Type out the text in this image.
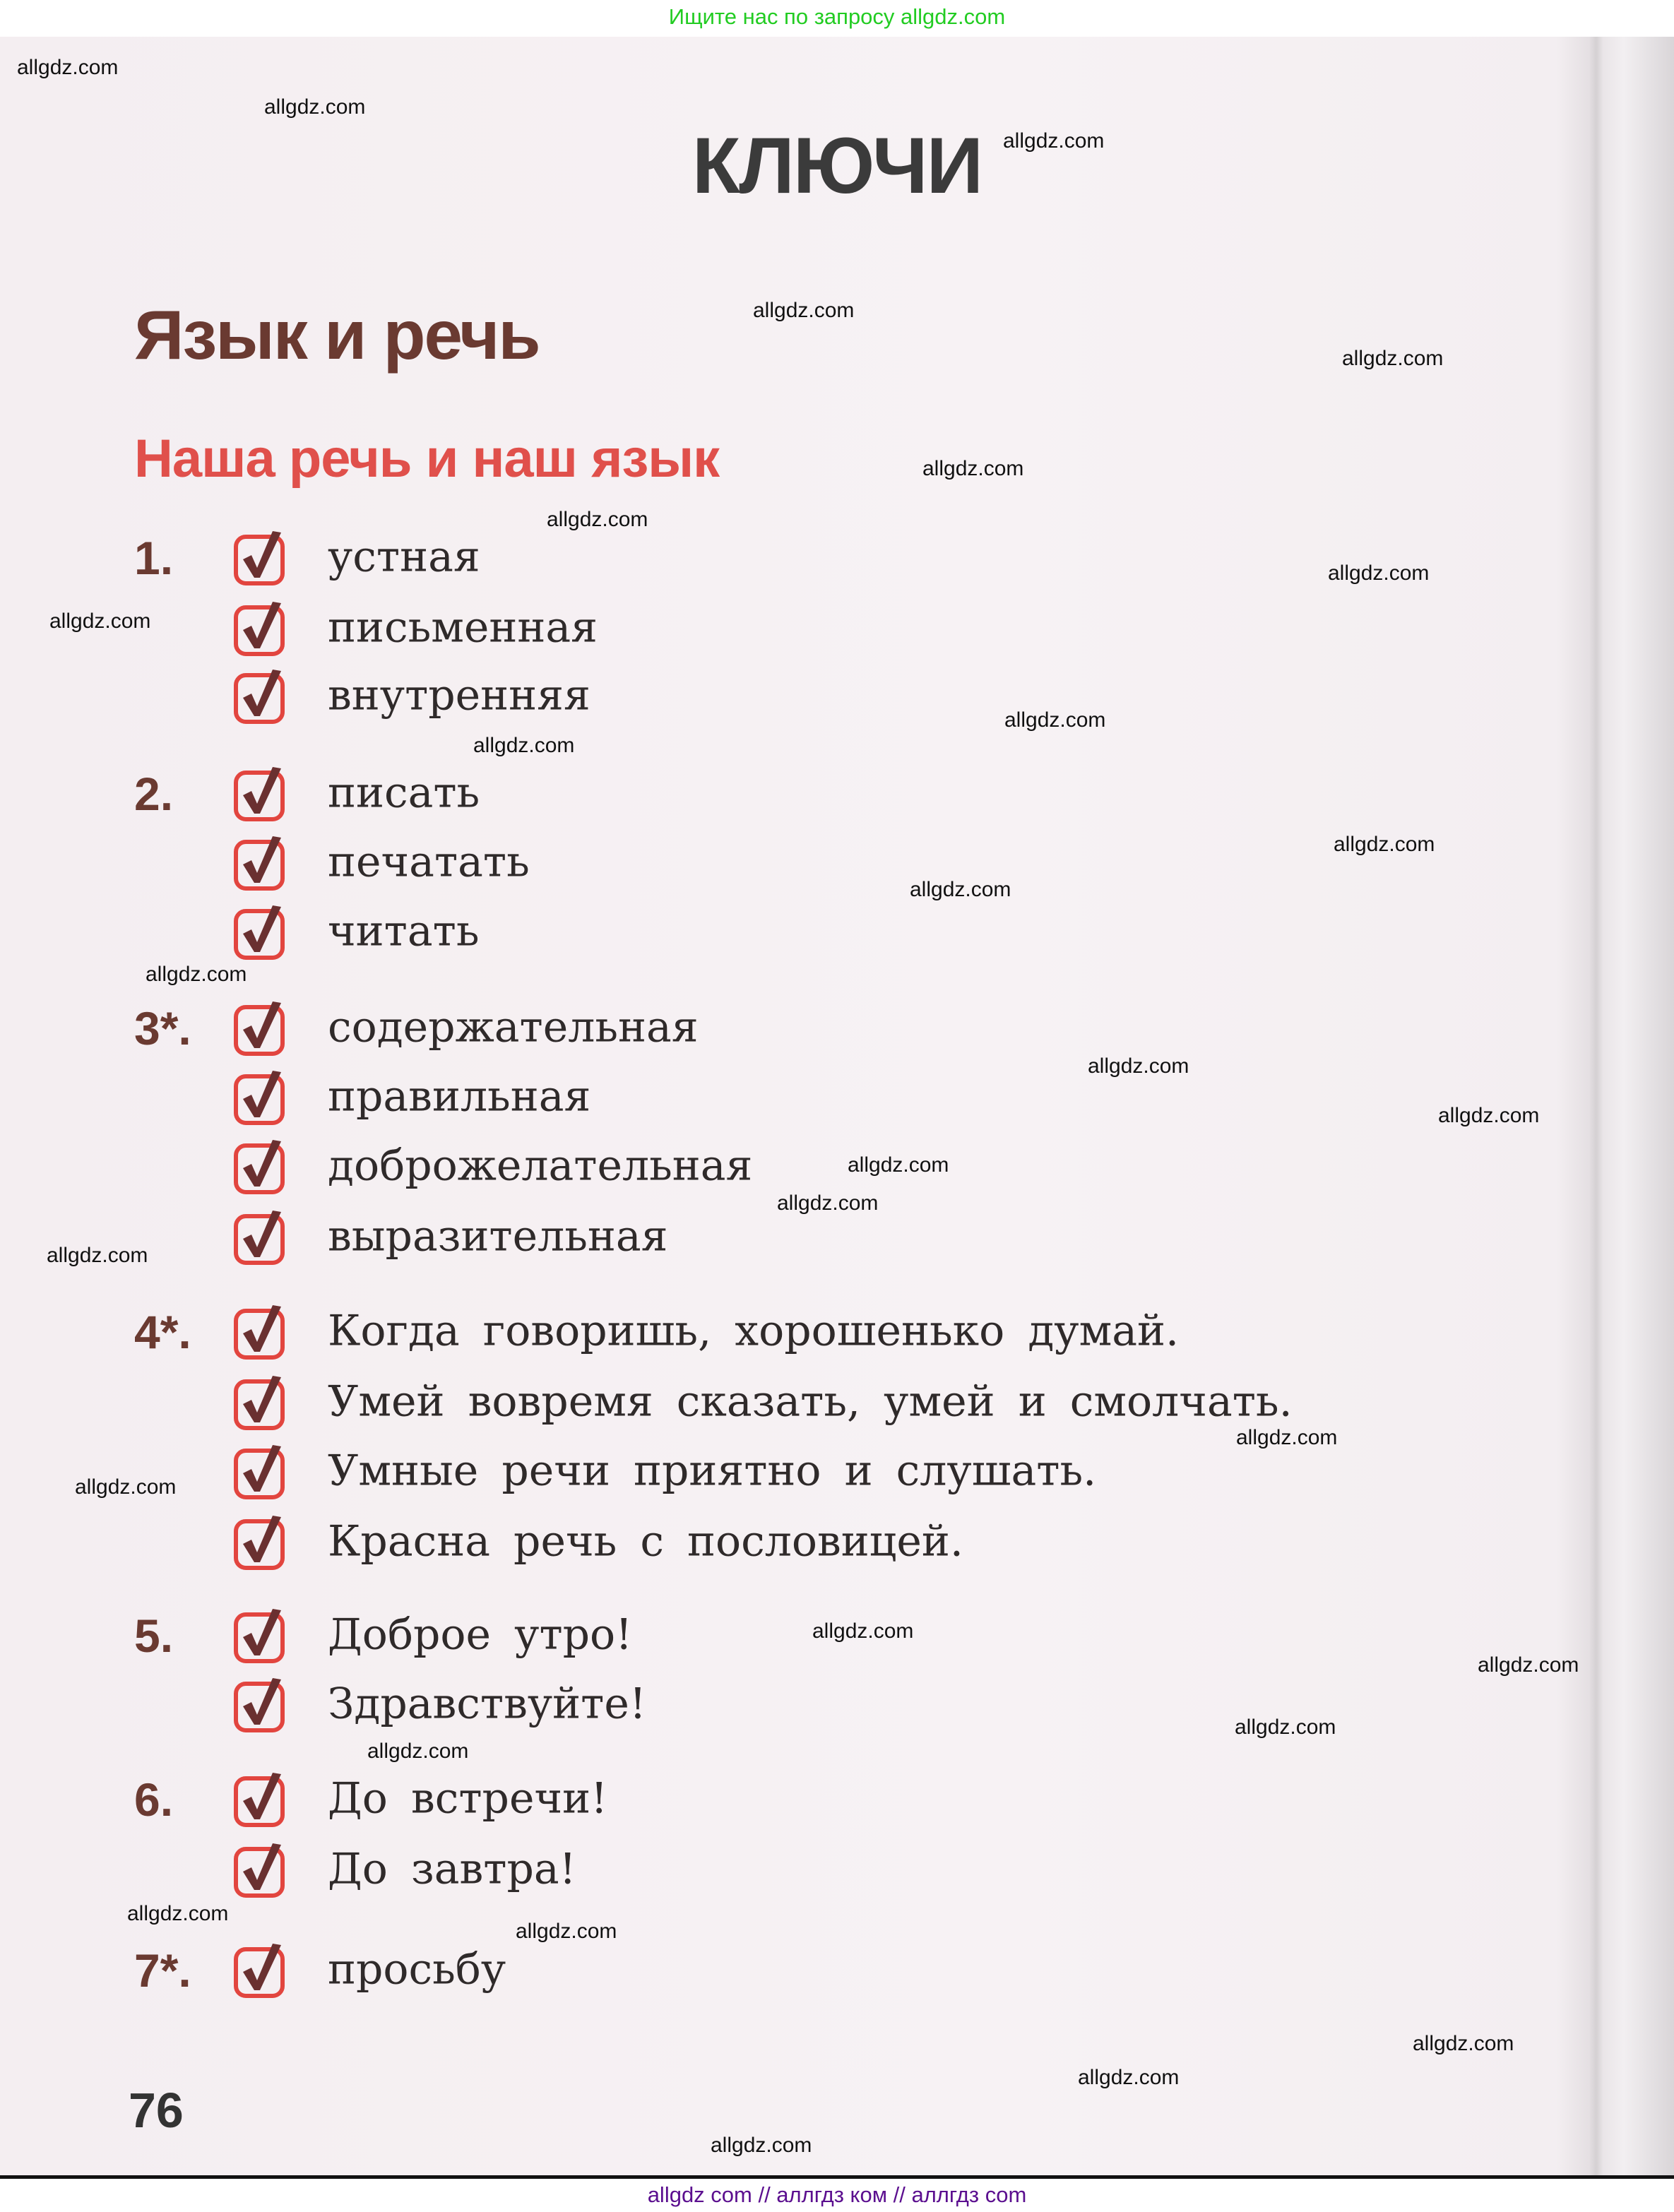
Ищите нас по запросу allgdz.com
КЛЮЧИ
Язык и речь
Наша речь и наш язык
1.	устная
письменная
внутренняя
2.	писать
печатать
читать
3*.	содержательная
правильная
доброжелательная
выразительная
4*.	Когда говоришь, хорошенько думай.
Умей вовремя сказать, умей и смолчать.
Умные речи приятно и слушать.
Красна речь с пословицей.
5.	Доброе утро!
Здравствуйте!
6.	До встречи!
До завтра!
7*.	просьбу
76
allgdz.com
allgdz.com
allgdz.com
allgdz.com
allgdz.com
allgdz.com
allgdz.com
allgdz.com
allgdz.com
allgdz.com
allgdz.com
allgdz.com
allgdz.com
allgdz.com
allgdz.com
allgdz.com
allgdz.com
allgdz.com
allgdz.com
allgdz.com
allgdz.com
allgdz.com
allgdz.com
allgdz.com
allgdz.com
allgdz.com
allgdz.com
allgdz.com
allgdz.com
allgdz.com
allgdz com // аллгдз ком // аллгдз com
